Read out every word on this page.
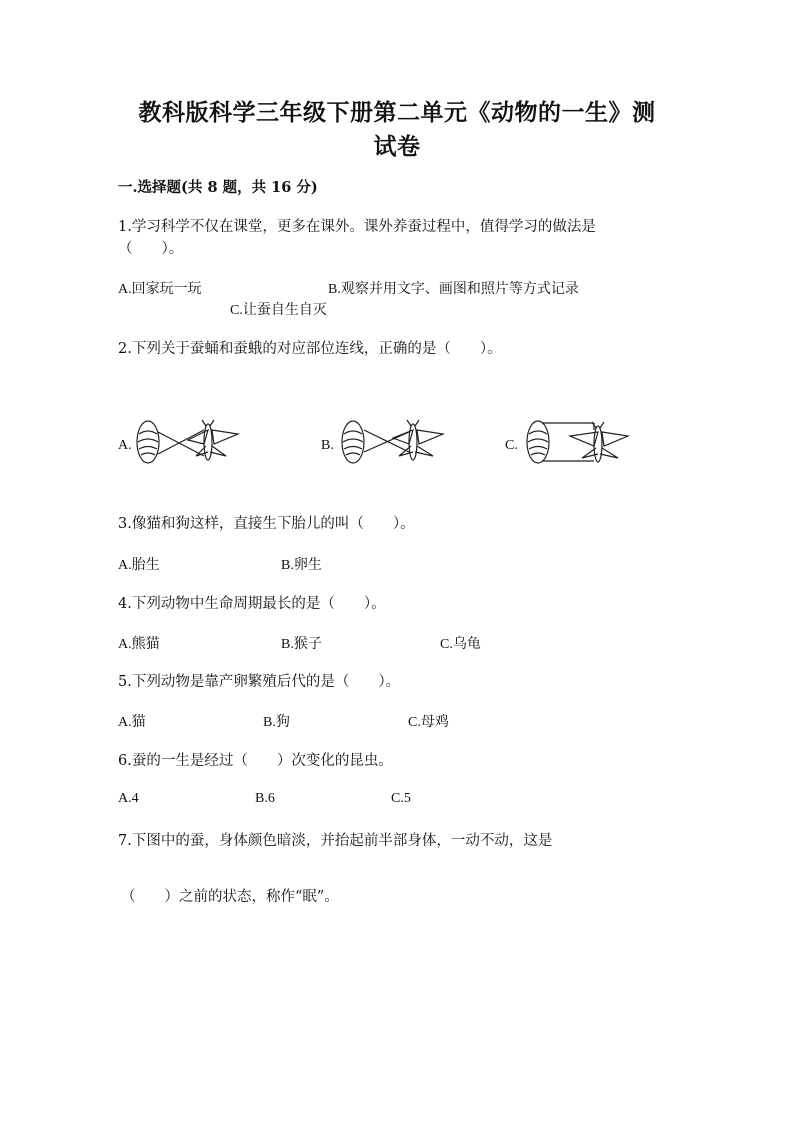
教科版科学三年级下册第二单元《动物的一生》测
试卷
一.选择题(共 8 题，共 16 分)
1.学习科学不仅在课堂，更多在课外。课外养蚕过程中，值得学习的做法是
（　　）。
A.回家玩一玩	B.观察并用文字、画图和照片等方式记录
C.让蚕自生自灭
2.下列关于蚕蛹和蚕蛾的对应部位连线，正确的是（　　）。
A.	B.	C.
3.像猫和狗这样，直接生下胎儿的叫（　　）。
A.胎生	B.卵生
4.下列动物中生命周期最长的是（　　）。
A.熊猫	B.猴子	C.乌龟
5.下列动物是靠产卵繁殖后代的是（　　）。
A.猫	B.狗	C.母鸡
6.蚕的一生是经过（　　）次变化的昆虫。
A.4	B.6	C.5
7.下图中的蚕，身体颜色暗淡，并抬起前半部身体，一动不动，这是
（　　）之前的状态，称作“眠”。
